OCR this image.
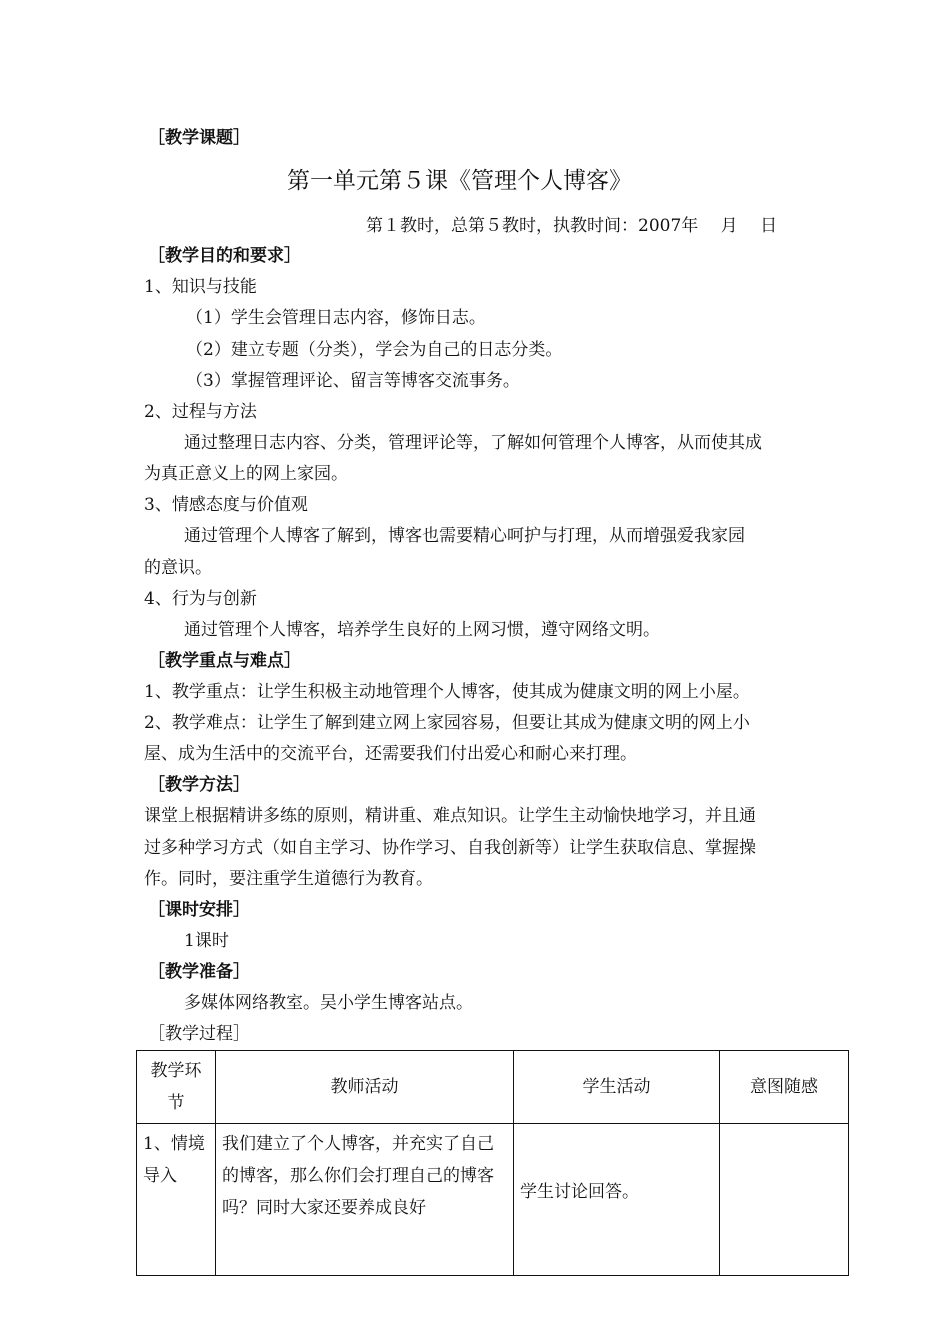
［教学课题］
第一单元第５课《管理个人博客》
第１教时，总第５教时，执教时间：2007年　 月　 日
［教学目的和要求］
1、知识与技能
（1）学生会管理日志内容，修饰日志。
（2）建立专题（分类），学会为自己的日志分类。
（3）掌握管理评论、留言等博客交流事务。
2、过程与方法
通过整理日志内容、分类，管理评论等，了解如何管理个人博客，从而使其成
为真正意义上的网上家园。
3、情感态度与价值观
通过管理个人博客了解到，博客也需要精心呵护与打理，从而增强爱我家园
的意识。
4、行为与创新
通过管理个人博客，培养学生良好的上网习惯，遵守网络文明。
［教学重点与难点］
1、教学重点：让学生积极主动地管理个人博客，使其成为健康文明的网上小屋。
2、教学难点：让学生了解到建立网上家园容易，但要让其成为健康文明的网上小
屋、成为生活中的交流平台，还需要我们付出爱心和耐心来打理。
［教学方法］
课堂上根据精讲多练的原则，精讲重、难点知识。让学生主动愉快地学习，并且通
过多种学习方式（如自主学习、协作学习、自我创新等）让学生获取信息、掌握操
作。同时，要注重学生道德行为教育。
［课时安排］
1课时
［教学准备］
多媒体网络教室。吴小学生博客站点。
［教学过程］
教学环节	教师活动	学生活动	意图随感
1、情境导入	我们建立了个人博客，并充实了自己的博客，那么你们会打理自己的博客吗？同时大家还要养成良好	学生讨论回答。	
